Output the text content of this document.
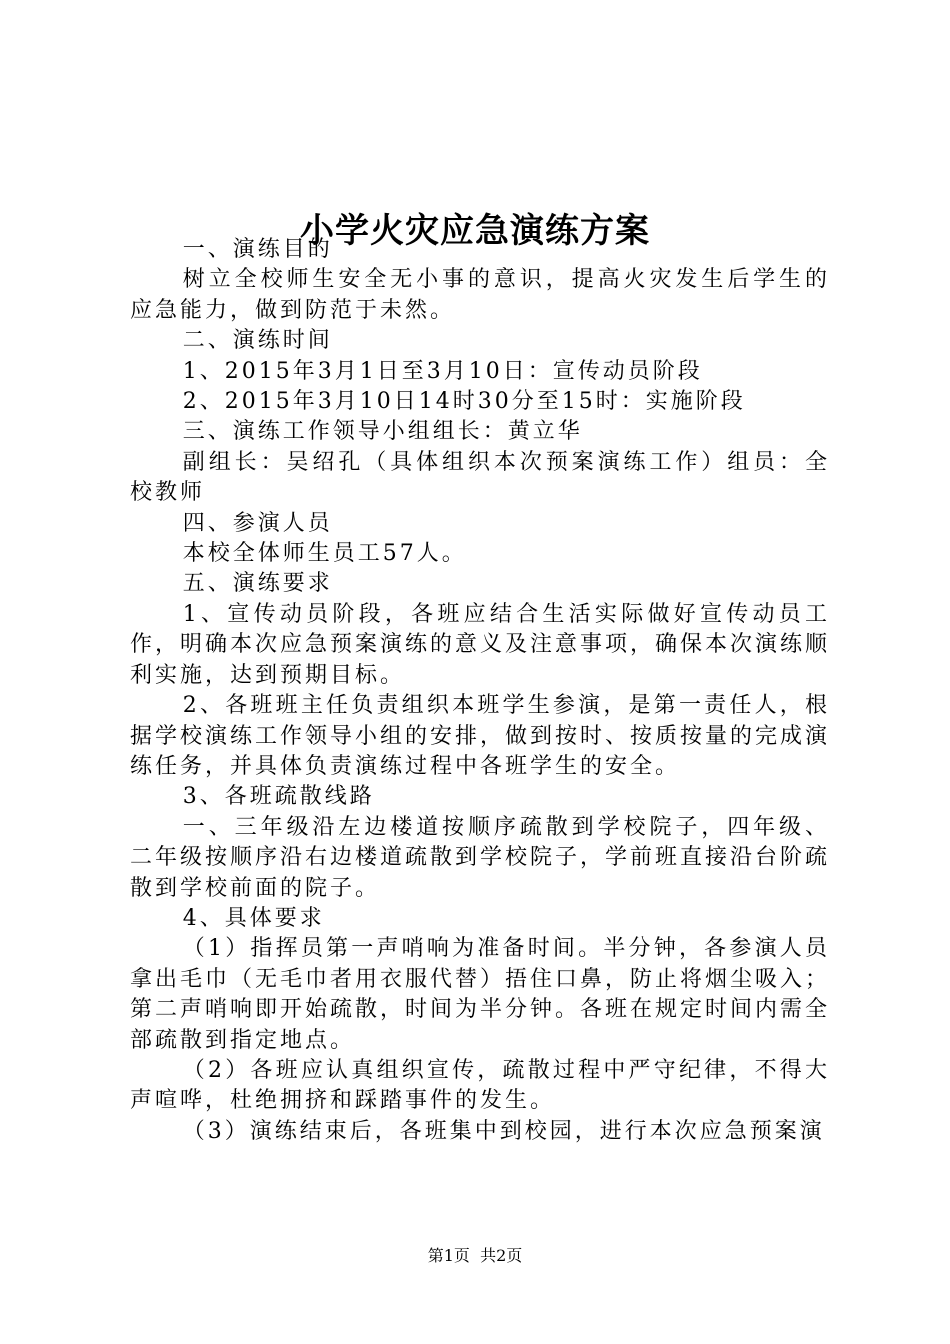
小学火灾应急演练方案

一、演练目的

树立全校师生安全无小事的意识，提高火灾发生后学生的应急能力，做到防范于未然。

二、演练时间

1、2015年3月1日至3月10日：宣传动员阶段

2、2015年3月10日14时30分至15时：实施阶段

三、演练工作领导小组组长：黄立华

副组长：吴绍孔（具体组织本次预案演练工作）组员：全校教师

四、参演人员

本校全体师生员工57人。

五、演练要求

1、宣传动员阶段，各班应结合生活实际做好宣传动员工作，明确本次应急预案演练的意义及注意事项，确保本次演练顺利实施，达到预期目标。

2、各班班主任负责组织本班学生参演，是第一责任人，根据学校演练工作领导小组的安排，做到按时、按质按量的完成演练任务，并具体负责演练过程中各班学生的安全。

3、各班疏散线路

一、三年级沿左边楼道按顺序疏散到学校院子，四年级、二年级按顺序沿右边楼道疏散到学校院子，学前班直接沿台阶疏散到学校前面的院子。

4、具体要求

（1）指挥员第一声哨响为准备时间。半分钟，各参演人员拿出毛巾（无毛巾者用衣服代替）捂住口鼻，防止将烟尘吸入；第二声哨响即开始疏散，时间为半分钟。各班在规定时间内需全部疏散到指定地点。

（2）各班应认真组织宣传，疏散过程中严守纪律，不得大声喧哗，杜绝拥挤和踩踏事件的发生。

（3）演练结束后，各班集中到校园，进行本次应急预案演

第1页  共2页
